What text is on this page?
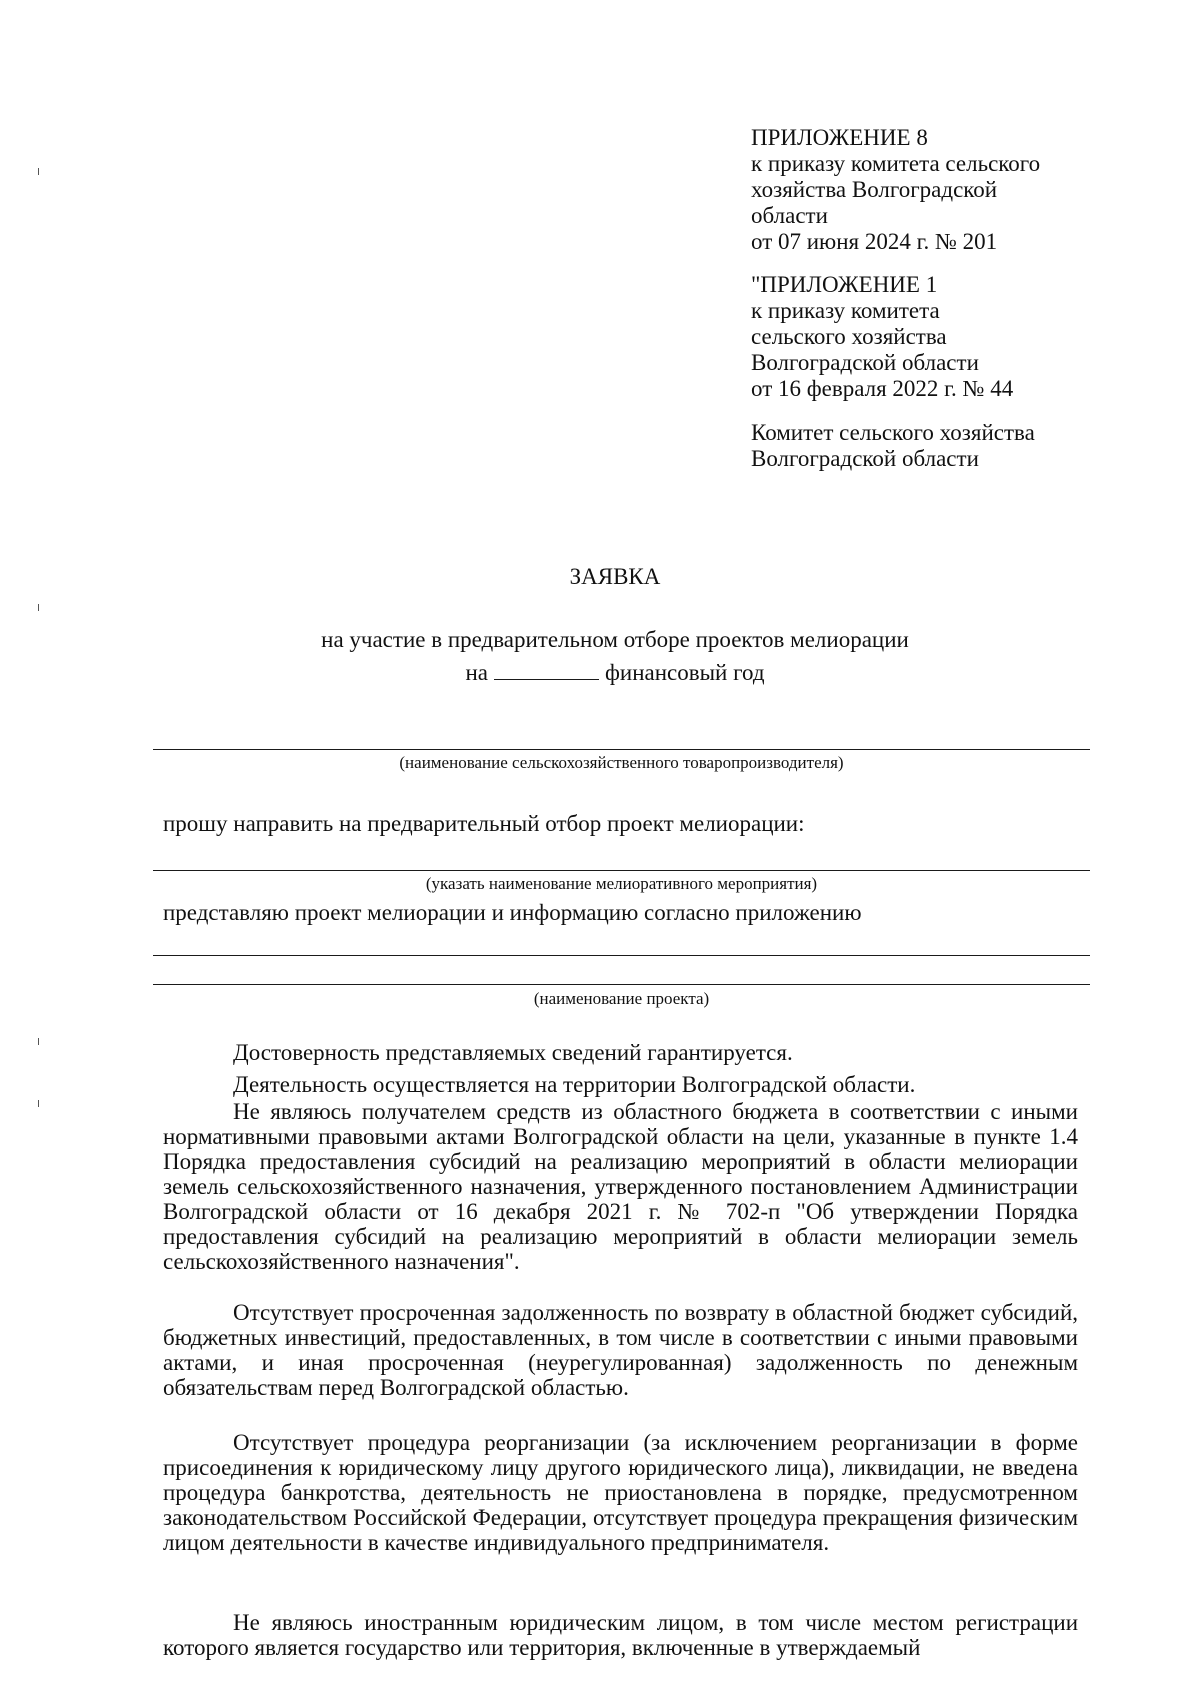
ПРИЛОЖЕНИЕ 8
к приказу комитета сельского
хозяйства Волгоградской
области
от 07 июня 2024 г. № 201
"ПРИЛОЖЕНИЕ 1
к приказу комитета
сельского хозяйства
Волгоградской области
от 16 февраля 2022 г. № 44
Комитет сельского хозяйства
Волгоградской области
ЗАЯВКА
на участие в предварительном отборе проектов мелиорации
на	финансовый год
(наименование сельскохозяйственного товаропроизводителя)
прошу направить на предварительный отбор проект мелиорации:
(указать наименование мелиоративного мероприятия)
представляю проект мелиорации и информацию согласно приложению
(наименование проекта)
Достоверность представляемых сведений гарантируется.
Деятельность осуществляется на территории Волгоградской области.
Не являюсь получателем средств из областного бюджета в соответствии с иными нормативными правовыми актами Волгоградской области на цели, указанные в пункте 1.4 Порядка предоставления субсидий на реализацию мероприятий в области мелиорации земель сельскохозяйственного назначения, утвержденного постановлением Администрации Волгоградской области от 16 декабря 2021 г. № 702-п "Об утверждении Порядка предоставления субсидий на реализацию мероприятий в области мелиорации земель сельскохозяйственного назначения".
Отсутствует просроченная задолженность по возврату в областной бюджет субсидий, бюджетных инвестиций, предоставленных, в том числе в соответствии с иными правовыми актами, и иная просроченная (неурегулированная) задолженность по денежным обязательствам перед Волгоградской областью.
Отсутствует процедура реорганизации (за исключением реорганизации в форме присоединения к юридическому лицу другого юридического лица), ликвидации, не введена процедура банкротства, деятельность не приостановлена в порядке, предусмотренном законодательством Российской Федерации, отсутствует процедура прекращения физическим лицом деятельности в качестве индивидуального предпринимателя.
Не являюсь иностранным юридическим лицом, в том числе местом регистрации которого является государство или территория, включенные в утверждаемый
